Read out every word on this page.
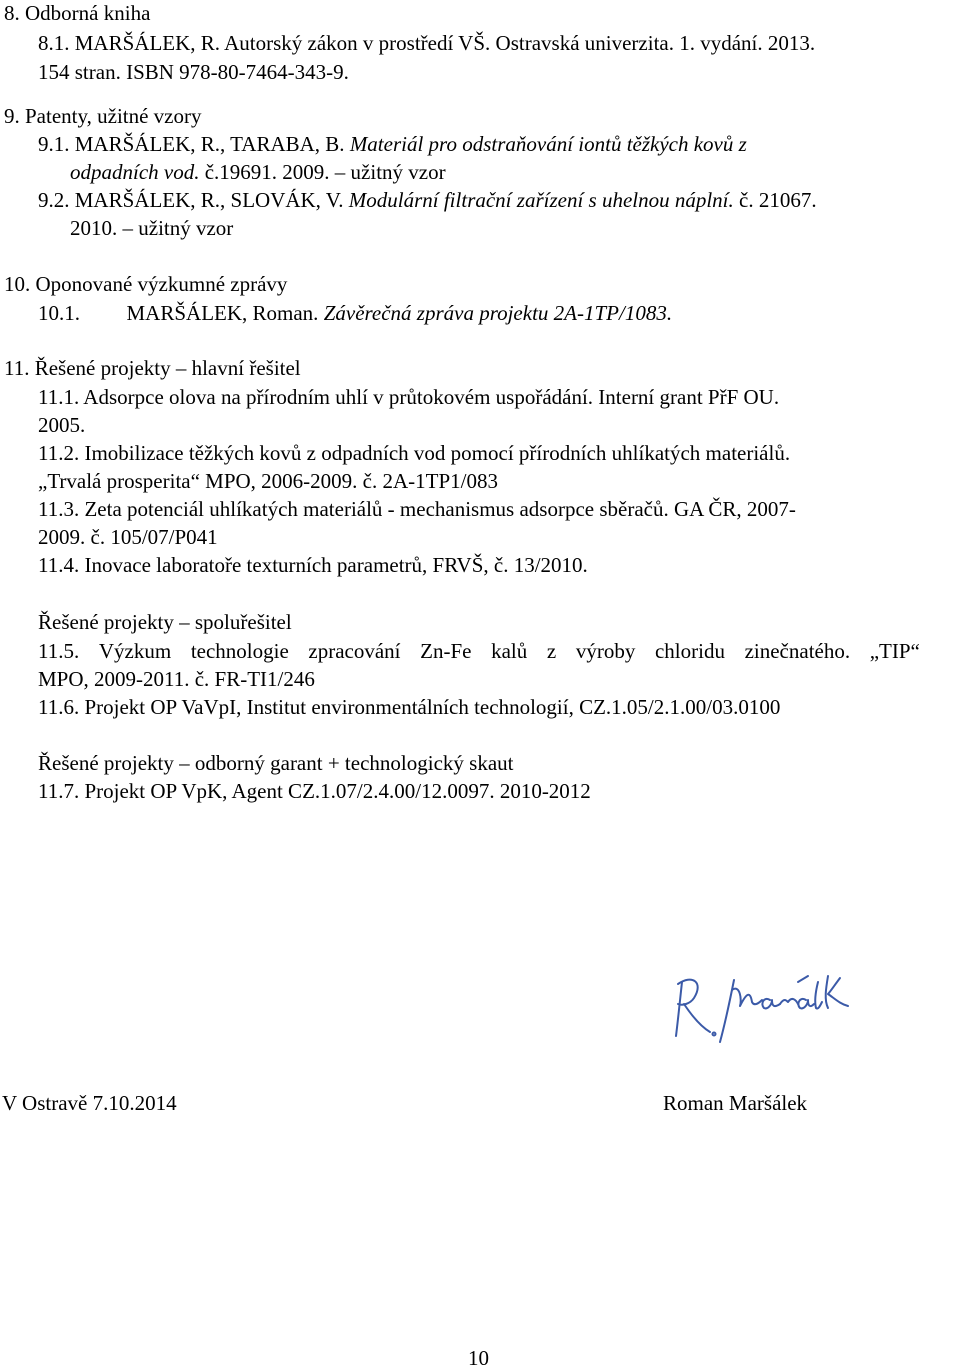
8. Odborná kniha
8.1. MARŠÁLEK, R. Autorský zákon v prostředí VŠ. Ostravská univerzita. 1. vydání. 2013.
154 stran. ISBN 978-80-7464-343-9.
9. Patenty, užitné vzory
9.1. MARŠÁLEK, R., TARABA, B. Materiál pro odstraňování iontů těžkých kovů z
odpadních vod. č.19691. 2009. – užitný vzor
9.2. MARŠÁLEK, R., SLOVÁK, V. Modulární filtrační zařízení s uhelnou náplní. č. 21067.
2010. – užitný vzor
10. Oponované výzkumné zprávy
10.1. MARŠÁLEK, Roman. Závěrečná zpráva projektu 2A-1TP/1083.
11. Řešené projekty – hlavní řešitel
11.1. Adsorpce olova na přírodním uhlí v průtokovém uspořádání. Interní grant PřF OU.
2005.
11.2. Imobilizace těžkých kovů z odpadních vod pomocí přírodních uhlíkatých materiálů.
„Trvalá prosperita“ MPO, 2006-2009. č. 2A-1TP1/083
11.3. Zeta potenciál uhlíkatých materiálů - mechanismus adsorpce sběračů. GA ČR, 2007-
2009. č. 105/07/P041
11.4. Inovace laboratoře texturních parametrů, FRVŠ, č. 13/2010.
Řešené projekty – spoluřešitel
11.5. Výzkum technologie zpracování Zn-Fe kalů z výroby chloridu zinečnatého. „TIP“
MPO, 2009-2011. č. FR-TI1/246
11.6. Projekt OP VaVpI, Institut environmentálních technologií, CZ.1.05/2.1.00/03.0100
Řešené projekty – odborný garant + technologický skaut
11.7. Projekt OP VpK, Agent CZ.1.07/2.4.00/12.0097. 2010-2012
V Ostravě 7.10.2014	Roman Maršálek
10
